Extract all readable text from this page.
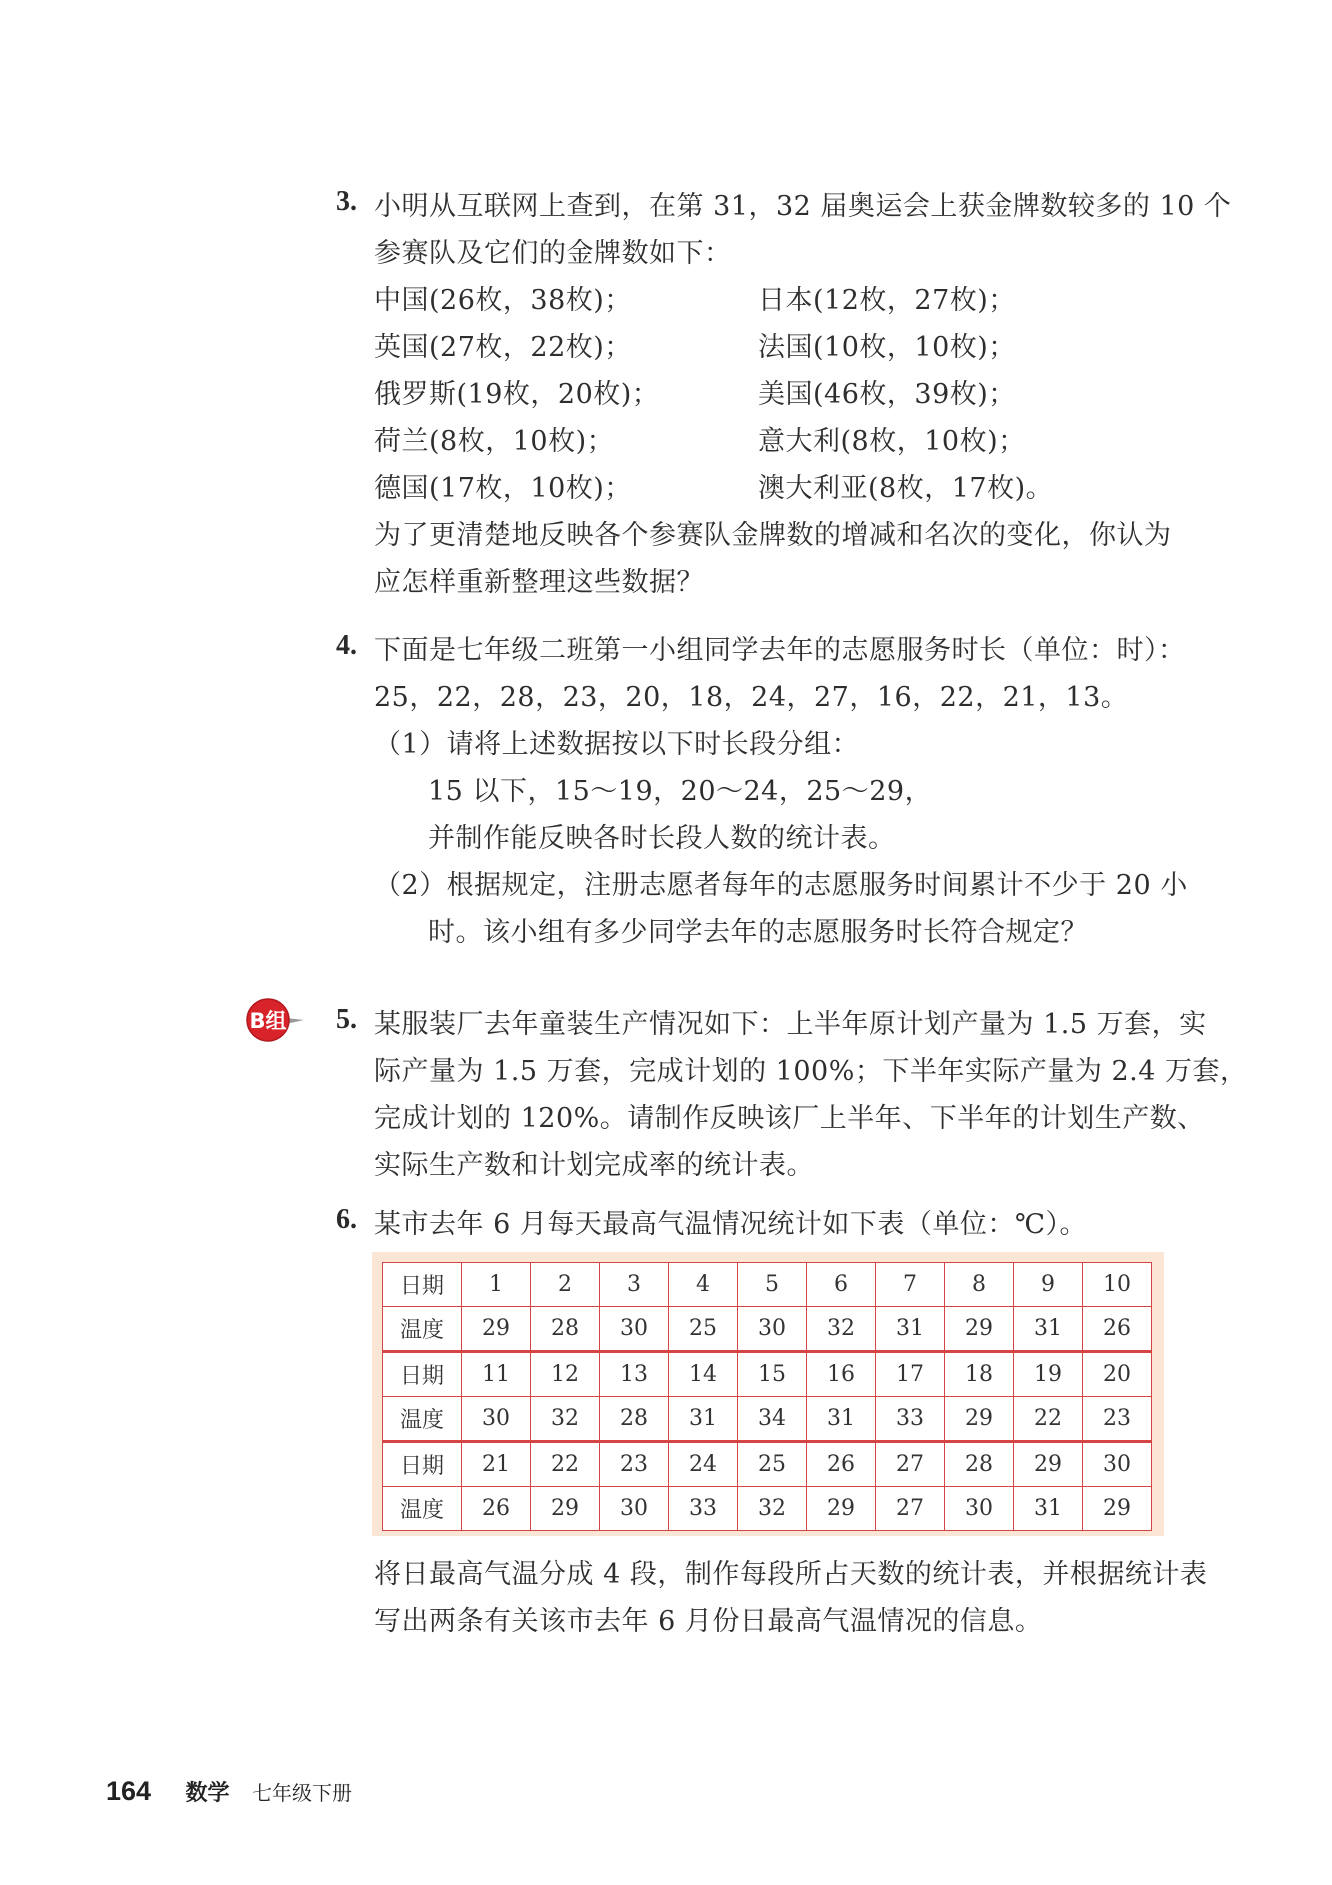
3. 小明从互联网上查到，在第 31，32 届奥运会上获金牌数较多的 10 个
参赛队及它们的金牌数如下：
中国(26枚，38枚)；	日本(12枚，27枚)；
英国(27枚，22枚)；	法国(10枚，10枚)；
俄罗斯(19枚，20枚)；	美国(46枚，39枚)；
荷兰(8枚，10枚)；	意大利(8枚，10枚)；
德国(17枚，10枚)；	澳大利亚(8枚，17枚)。
为了更清楚地反映各个参赛队金牌数的增减和名次的变化，你认为
应怎样重新整理这些数据？
4. 下面是七年级二班第一小组同学去年的志愿服务时长（单位：时）：
25，22，28，23，20，18，24，27，16，22，21，13。
（1）请将上述数据按以下时长段分组：
15 以下，15～19，20～24，25～29，
并制作能反映各时长段人数的统计表。
（2）根据规定，注册志愿者每年的志愿服务时间累计不少于 20 小
时。该小组有多少同学去年的志愿服务时长符合规定？
B组 5. 某服装厂去年童装生产情况如下：上半年原计划产量为 1.5 万套，实
际产量为 1.5 万套，完成计划的 100%；下半年实际产量为 2.4 万套，
完成计划的 120%。请制作反映该厂上半年、下半年的计划生产数、
实际生产数和计划完成率的统计表。
6. 某市去年 6 月每天最高气温情况统计如下表（单位：℃）。
日期	1	2	3	4	5	6	7	8	9	10
温度	29	28	30	25	30	32	31	29	31	26
日期	11	12	13	14	15	16	17	18	19	20
温度	30	32	28	31	34	31	33	29	22	23
日期	21	22	23	24	25	26	27	28	29	30
温度	26	29	30	33	32	29	27	30	31	29
将日最高气温分成 4 段，制作每段所占天数的统计表，并根据统计表
写出两条有关该市去年 6 月份日最高气温情况的信息。
164 数学 七年级下册
